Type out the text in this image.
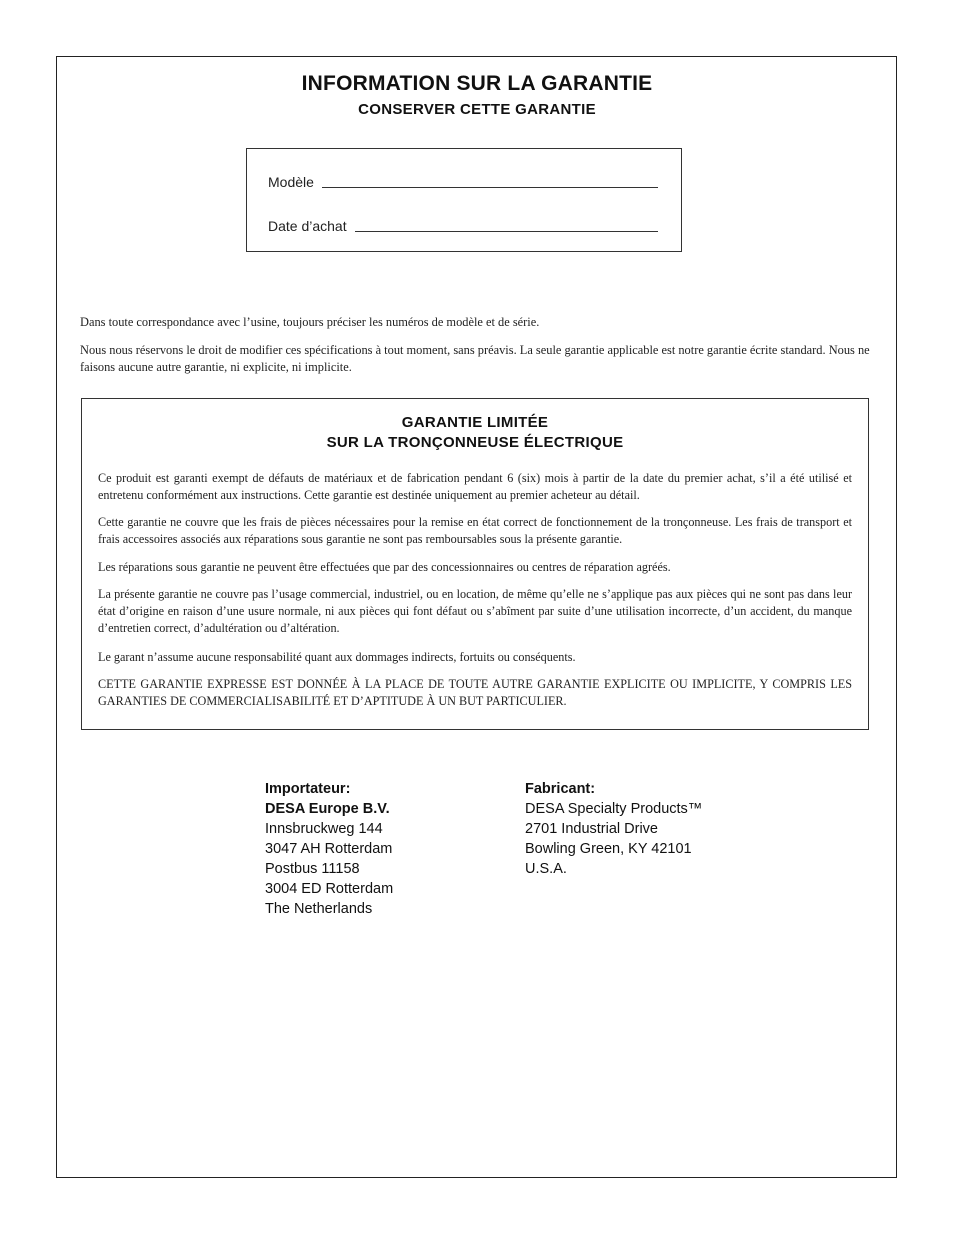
INFORMATION SUR LA GARANTIE
CONSERVER CETTE GARANTIE
Modèle
Date d’achat
Dans toute correspondance avec l’usine, toujours préciser les numéros de modèle et de série.
Nous nous réservons le droit de modifier ces spécifications à tout moment, sans préavis. La seule garantie applicable est notre garantie écrite standard. Nous ne faisons aucune autre garantie, ni explicite, ni implicite.
GARANTIE LIMITÉE
SUR LA TRONÇONNEUSE ÉLECTRIQUE
Ce produit est garanti exempt de défauts de matériaux et de fabrication pendant 6 (six) mois à partir de la date du premier achat, s’il a été utilisé et entretenu conformément aux instructions. Cette garantie est destinée uniquement au premier acheteur au détail.
Cette garantie ne couvre que les frais de pièces nécessaires pour la remise en état correct de fonctionnement de la tronçonneuse. Les frais de transport et frais accessoires associés aux réparations sous garantie ne sont pas remboursables sous la présente garantie.
Les réparations sous garantie ne peuvent être effectuées que par des concessionnaires ou centres de réparation agréés.
La présente garantie ne couvre pas l’usage commercial, industriel, ou en location, de même qu’elle ne s’applique pas aux pièces qui ne sont pas dans leur état d’origine en raison d’une usure normale, ni aux pièces qui font défaut ou s’abîment par suite d’une utilisation incorrecte, d’un accident, du manque d’entretien correct, d’adultération ou d’altération.
Le garant n’assume aucune responsabilité quant aux dommages indirects, fortuits ou conséquents.
CETTE GARANTIE EXPRESSE EST DONNÉE À LA PLACE DE TOUTE AUTRE GARANTIE EXPLICITE OU IMPLICITE, Y COMPRIS LES GARANTIES DE COMMERCIALISABILITÉ ET D’APTITUDE À UN BUT PARTICULIER.
Importateur:
DESA Europe B.V.
Innsbruckweg 144
3047 AH Rotterdam
Postbus 11158
3004 ED Rotterdam
The Netherlands
Fabricant:
DESA Specialty Products™
2701 Industrial Drive
Bowling Green, KY 42101
U.S.A.
